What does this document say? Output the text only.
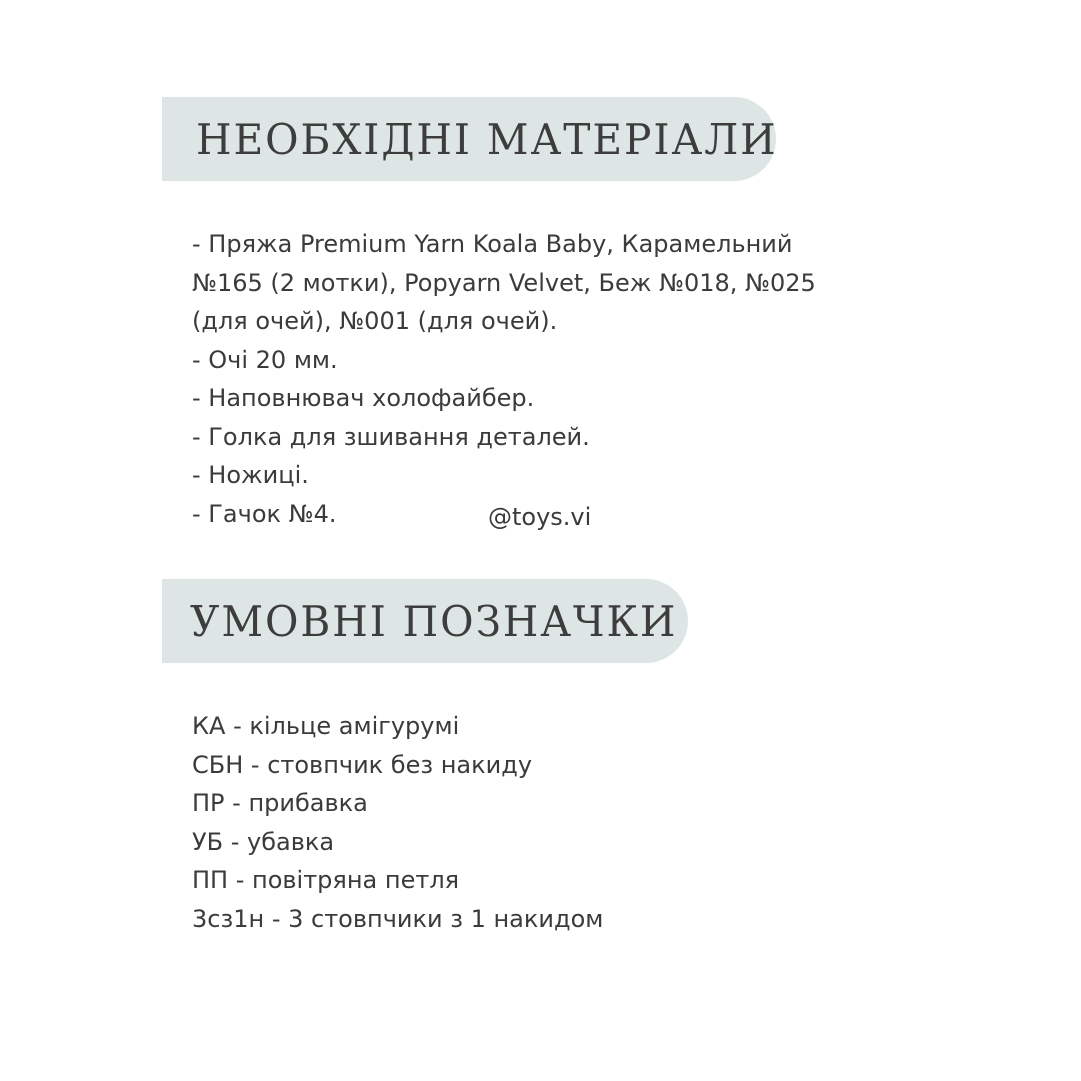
НЕОБХІДНІ МАТЕРІАЛИ
- Пряжа Premium Yarn Koala Baby, Карамельний
№165 (2 мотки), Popyarn Velvet, Беж №018, №025
(для очей), №001 (для очей).
- Очі 20 мм.
- Наповнювач холофайбер.
- Голка для зшивання деталей.
- Ножиці.
- Гачок №4.	@toys.vi
УМОВНІ ПОЗНАЧКИ
КА - кільце амігурумі
СБН - стовпчик без накиду
ПР - прибавка
УБ - убавка
ПП - повітряна петля
3сз1н - 3 стовпчики з 1 накидом
